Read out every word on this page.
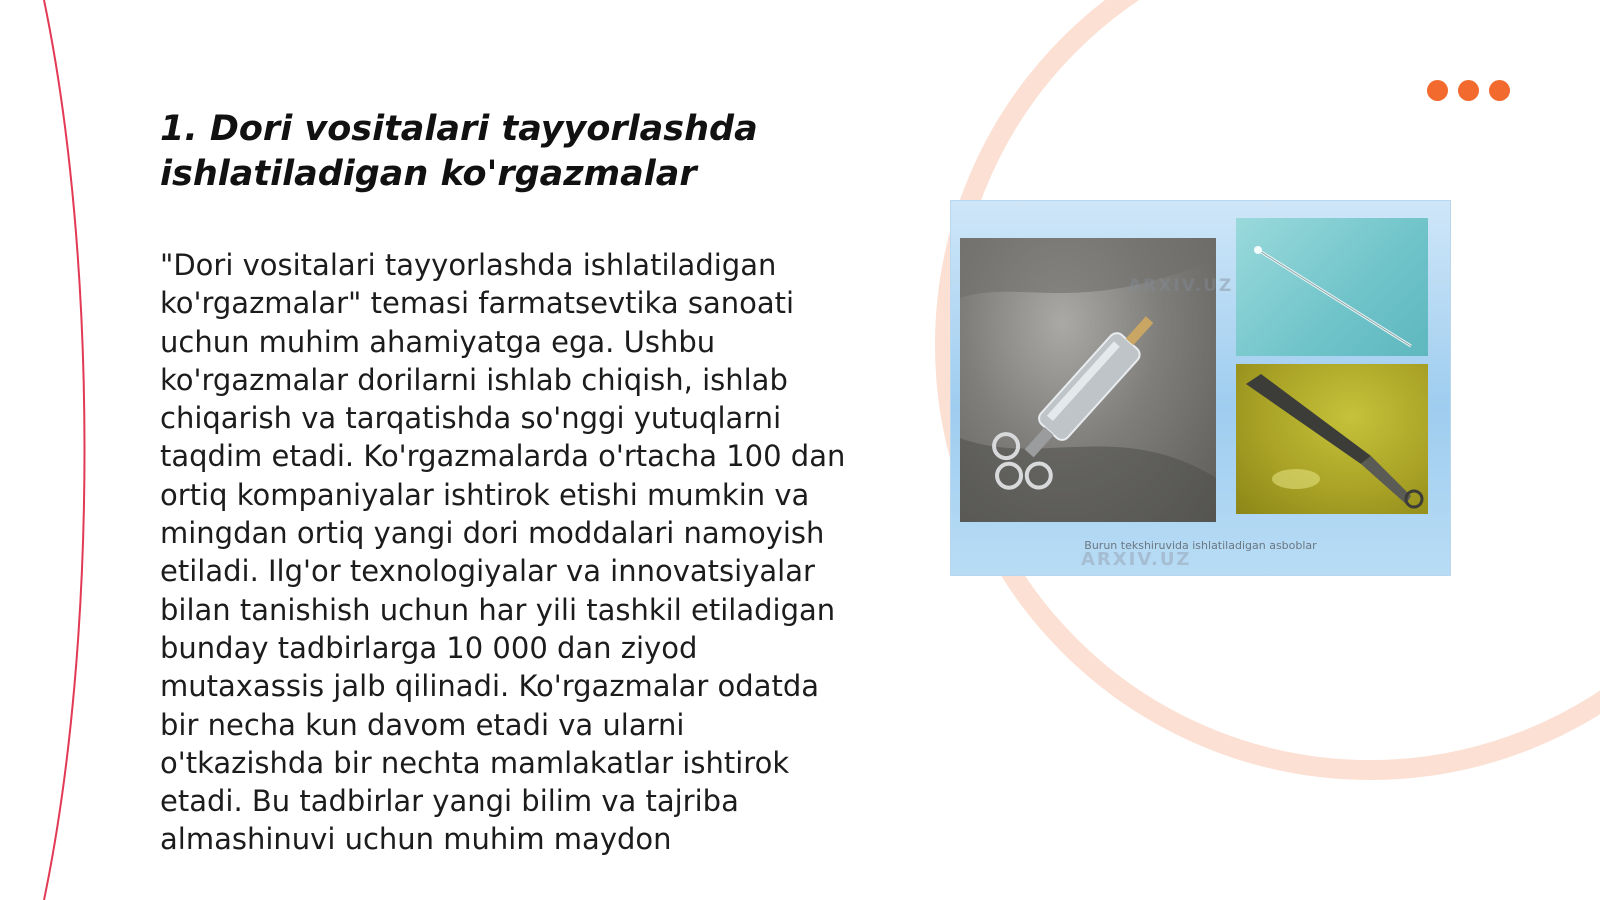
1. Dori vositalari tayyorlashda ishlatiladigan ko'rgazmalar

"Dori vositalari tayyorlashda ishlatiladigan ko'rgazmalar" temasi farmatsevtika sanoati uchun muhim ahamiyatga ega. Ushbu ko'rgazmalar dorilarni ishlab chiqish, ishlab chiqarish va tarqatishda so'nggi yutuqlarni taqdim etadi. Ko'rgazmalarda o'rtacha 100 dan ortiq kompaniyalar ishtirok etishi mumkin va mingdan ortiq yangi dori moddalari namoyish etiladi. Ilg'or texnologiyalar va innovatsiyalar bilan tanishish uchun har yili tashkil etiladigan bunday tadbirlarga 10 000 dan ziyod mutaxassis jalb qilinadi. Ko'rgazmalar odatda bir necha kun davom etadi va ularni o'tkazishda bir nechta mamlakatlar ishtirok etadi. Bu tadbirlar yangi bilim va tajriba almashinuvi uchun muhim maydon

ARXIV.UZ
Burun tekshiruvida ishlatiladigan asboblar
ARXIV.UZ
